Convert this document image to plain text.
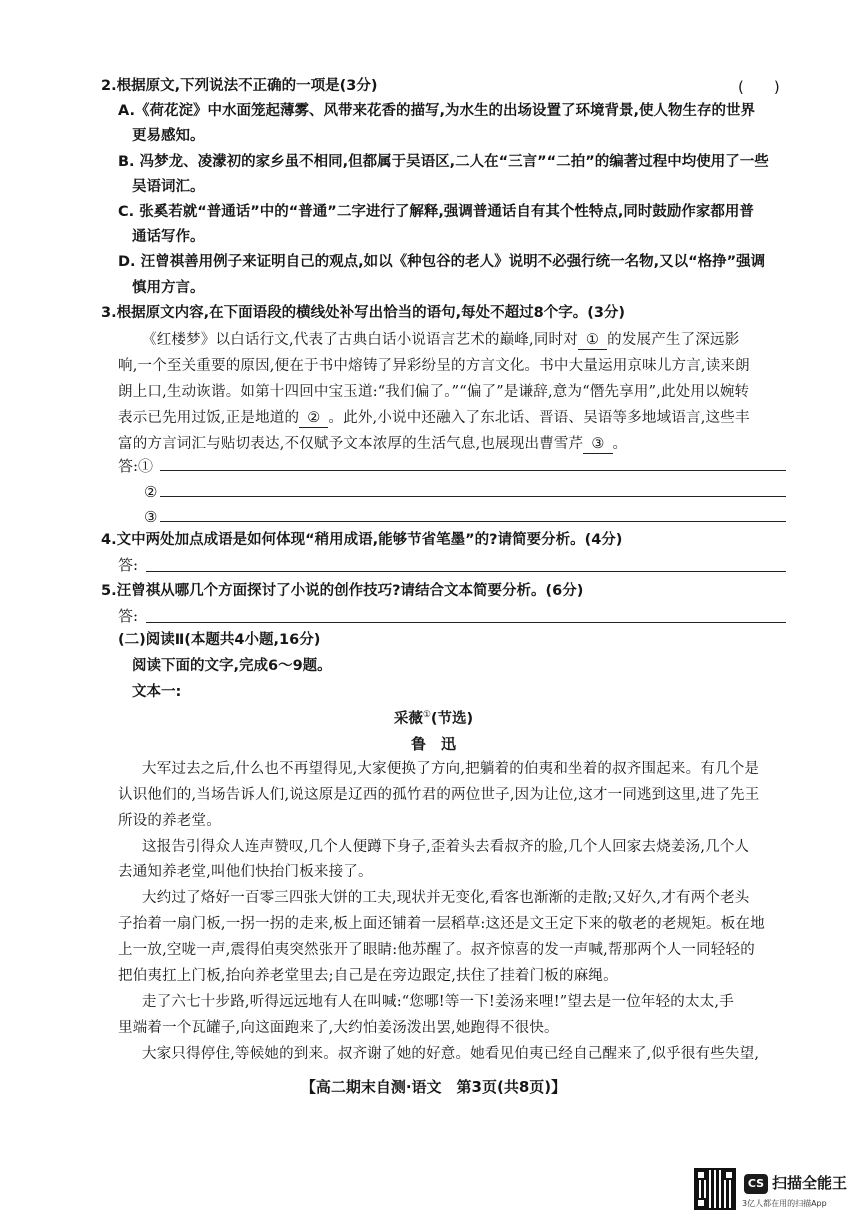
2.根据原文,下列说法不正确的一项是(3分)	(　　)
A.《荷花淀》中水面笼起薄雾、风带来花香的描写,为水生的出场设置了环境背景,使人物生存的世界
更易感知。
B. 冯梦龙、凌濛初的家乡虽不相同,但都属于吴语区,二人在“三言”“二拍”的编著过程中均使用了一些
吴语词汇。
C. 张奚若就“普通话”中的“普通”二字进行了解释,强调普通话自有其个性特点,同时鼓励作家都用普
通话写作。
D. 汪曾祺善用例子来证明自己的观点,如以《种包谷的老人》说明不必强行统一名物,又以“格挣”强调
慎用方言。
3.根据原文内容,在下面语段的横线处补写出恰当的语句,每处不超过8个字。(3分)
《红楼梦》以白话行文,代表了古典白话小说语言艺术的巅峰,同时对 ① 的发展产生了深远影
响,一个至关重要的原因,便在于书中熔铸了异彩纷呈的方言文化。书中大量运用京味儿方言,读来朗
朗上口,生动诙谐。如第十四回中宝玉道:“我们偏了。”“偏了”是谦辞,意为“僭先享用”,此处用以婉转
表示已先用过饭,正是地道的 ② 。此外,小说中还融入了东北话、晋语、吴语等多地域语言,这些丰
富的方言词汇与贴切表达,不仅赋予文本浓厚的生活气息,也展现出曹雪芹 ③ 。
答:①
②
③
4.文中两处加点成语是如何体现“稍用成语,能够节省笔墨”的?请简要分析。(4分)
答:
5.汪曾祺从哪几个方面探讨了小说的创作技巧?请结合文本简要分析。(6分)
答:
(二)阅读Ⅱ(本题共4小题,16分)
阅读下面的文字,完成6～9题。
文本一:
采薇①(节选)
鲁　迅
大军过去之后,什么也不再望得见,大家便换了方向,把躺着的伯夷和坐着的叔齐围起来。有几个是
认识他们的,当场告诉人们,说这原是辽西的孤竹君的两位世子,因为让位,这才一同逃到这里,进了先王
所设的养老堂。
这报告引得众人连声赞叹,几个人便蹲下身子,歪着头去看叔齐的脸,几个人回家去烧姜汤,几个人
去通知养老堂,叫他们快抬门板来接了。
大约过了烙好一百零三四张大饼的工夫,现状并无变化,看客也渐渐的走散;又好久,才有两个老头
子抬着一扇门板,一拐一拐的走来,板上面还铺着一层稻草:这还是文王定下来的敬老的老规矩。板在地
上一放,空咙一声,震得伯夷突然张开了眼睛:他苏醒了。叔齐惊喜的发一声喊,帮那两个人一同轻轻的
把伯夷扛上门板,抬向养老堂里去;自己是在旁边跟定,扶住了挂着门板的麻绳。
走了六七十步路,听得远远地有人在叫喊:“您哪!等一下!姜汤来哩!”望去是一位年轻的太太,手
里端着一个瓦罐子,向这面跑来了,大约怕姜汤泼出罢,她跑得不很快。
大家只得停住,等候她的到来。叔齐谢了她的好意。她看见伯夷已经自己醒来了,似乎很有些失望,
【高二期末自测·语文　第3页(共8页)】
CS 扫描全能王
3亿人都在用的扫描App
